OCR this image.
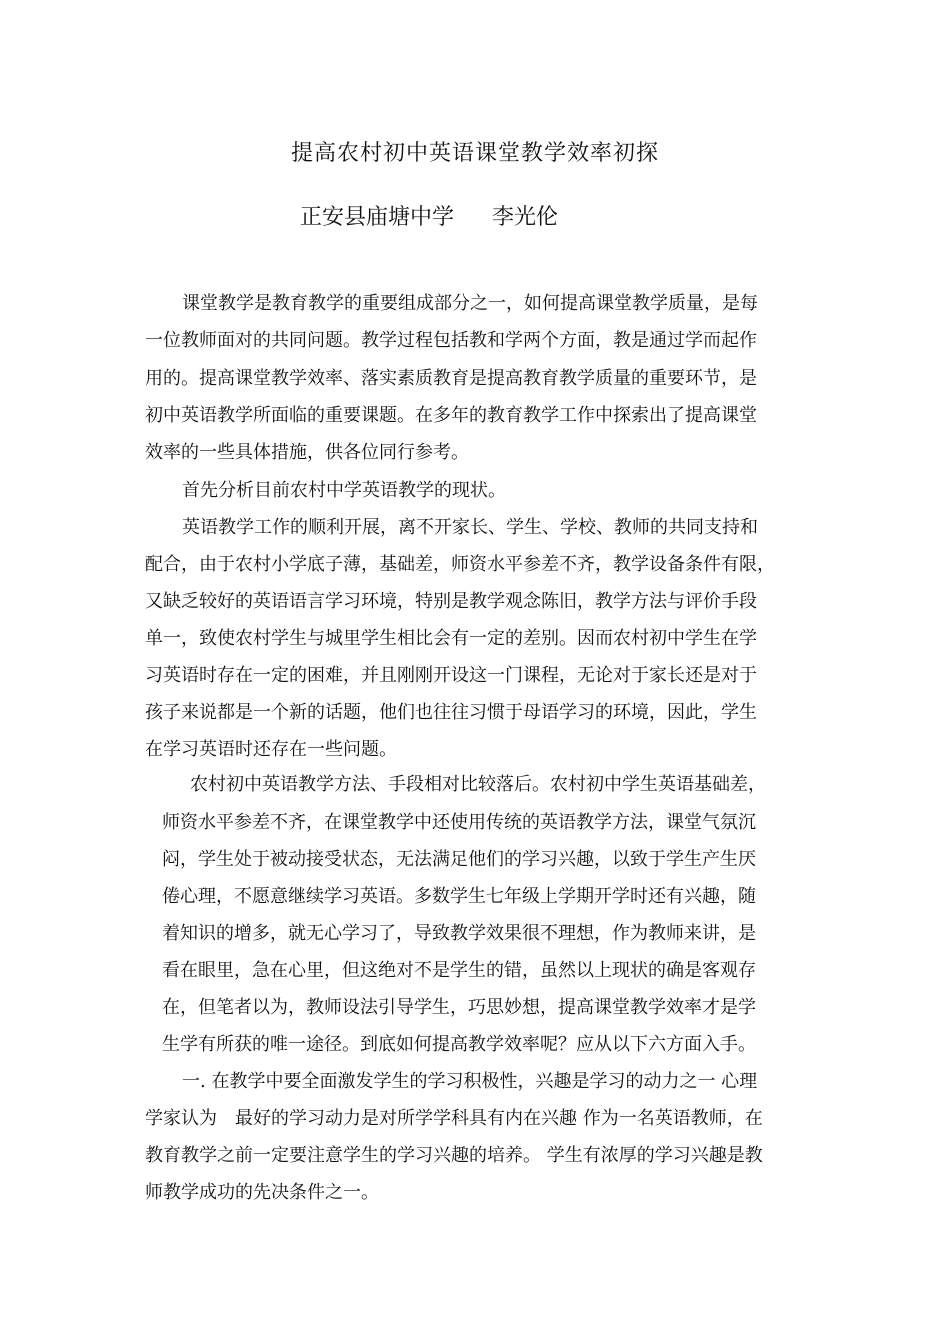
提高农村初中英语课堂教学效率初探
正安县庙塘中学 李光伦

课堂教学是教育教学的重要组成部分之一，如何提高课堂教学质量，是每

一位教师面对的共同问题。教学过程包括教和学两个方面，教是通过学而起作

用的。提高课堂教学效率、落实素质教育是提高教育教学质量的重要环节，是

初中英语教学所面临的重要课题。在多年的教育教学工作中探索出了提高课堂

效率的一些具体措施，供各位同行参考。

首先分析目前农村中学英语教学的现状。

英语教学工作的顺利开展，离不开家长、学生、学校、教师的共同支持和

配合，由于农村小学底子薄，基础差，师资水平参差不齐，教学设备条件有限，

又缺乏较好的英语语言学习环境，特别是教学观念陈旧，教学方法与评价手段

单一，致使农村学生与城里学生相比会有一定的差别。因而农村初中学生在学

习英语时存在一定的困难，并且刚刚开设这一门课程，无论对于家长还是对于

孩子来说都是一个新的话题，他们也往往习惯于母语学习的环境，因此，学生

在学习英语时还存在一些问题。

农村初中英语教学方法、手段相对比较落后。农村初中学生英语基础差，

师资水平参差不齐，在课堂教学中还使用传统的英语教学方法，课堂气氛沉

闷，学生处于被动接受状态，无法满足他们的学习兴趣，以致于学生产生厌

倦心理，不愿意继续学习英语。多数学生七年级上学期开学时还有兴趣，随

着知识的增多，就无心学习了，导致教学效果很不理想，作为教师来讲，是

看在眼里，急在心里，但这绝对不是学生的错，虽然以上现状的确是客观存

在，但笔者以为，教师设法引导学生，巧思妙想，提高课堂教学效率才是学

生学有所获的唯一途径。到底如何提高教学效率呢？应从以下六方面入手。

一. 在教学中要全面激发学生的学习积极性，兴趣是学习的动力之一 心理

学家认为　最好的学习动力是对所学学科具有内在兴趣 作为一名英语教师，在

教育教学之前一定要注意学生的学习兴趣的培养。 学生有浓厚的学习兴趣是教

师教学成功的先决条件之一。
